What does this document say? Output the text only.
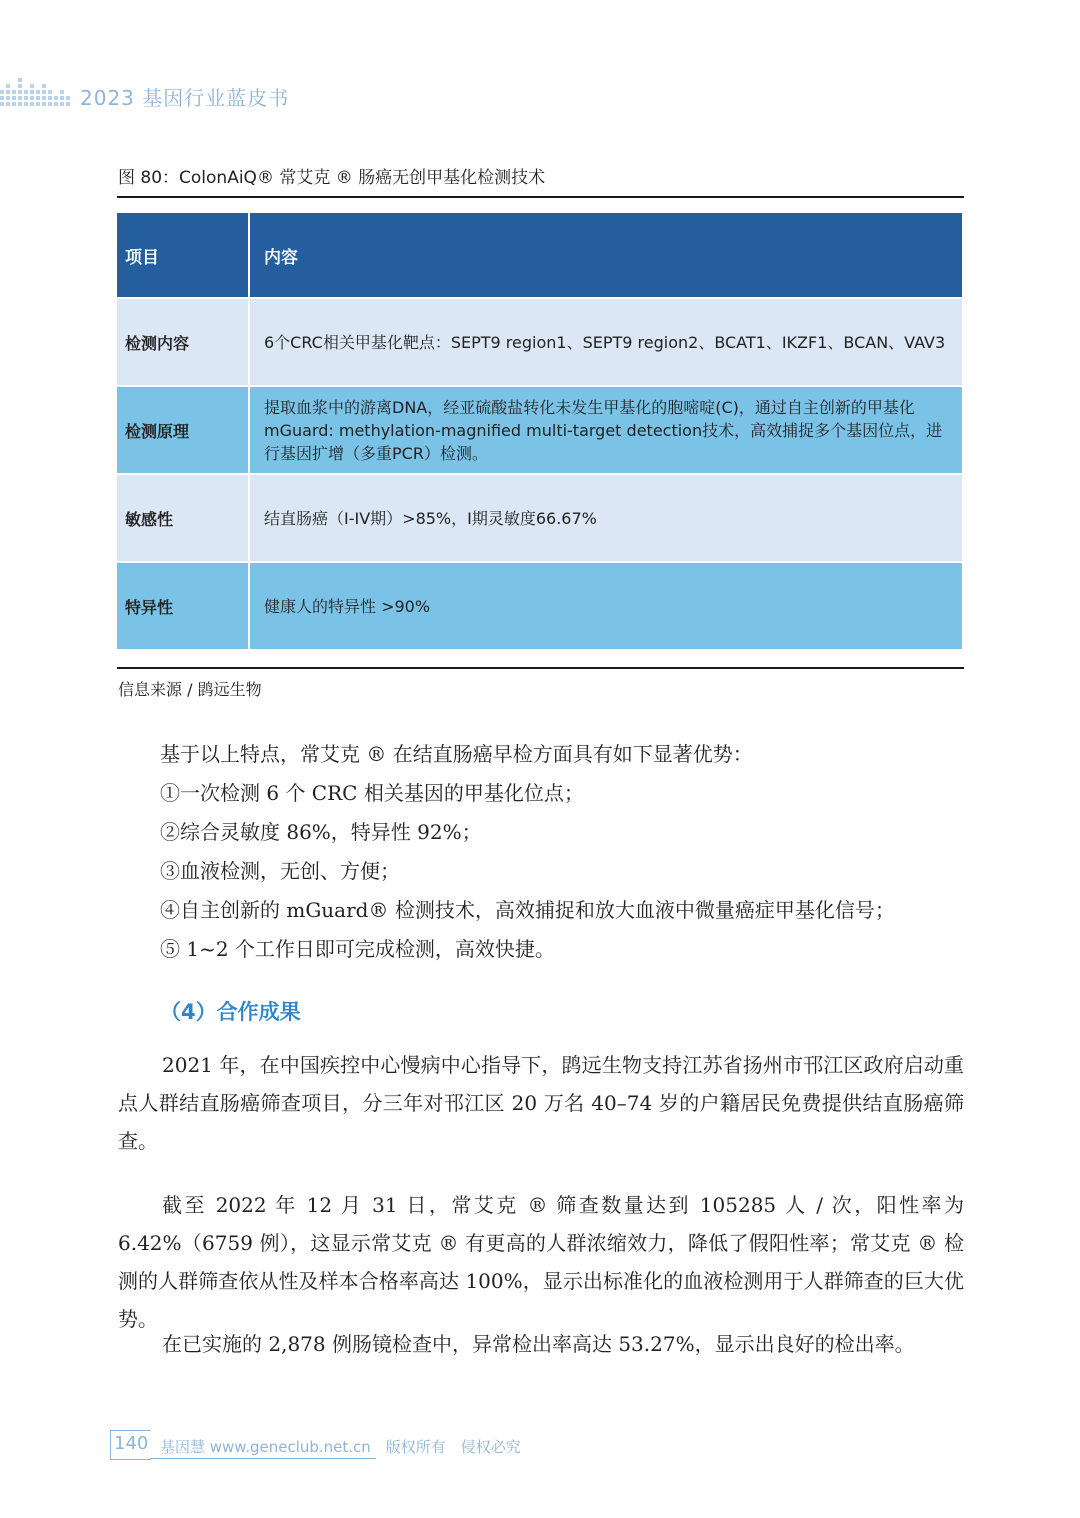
2023 基因行业蓝皮书
图 80：ColonAiQ® 常艾克 ® 肠癌无创甲基化检测技术
项目	内容
检测内容	6个CRC相关甲基化靶点：SEPT9 region1、SEPT9 region2、BCAT1、IKZF1、BCAN、VAV3
检测原理	提取血浆中的游离DNA，经亚硫酸盐转化未发生甲基化的胞嘧啶(C)，通过自主创新的甲基化mGuard: methylation-magnified multi-target detection技术，高效捕捉多个基因位点，进行基因扩增（多重PCR）检测。
敏感性	结直肠癌（I-IV期）>85%，I期灵敏度66.67%
特异性	健康人的特异性 >90%
信息来源 / 鹍远生物
基于以上特点，常艾克 ® 在结直肠癌早检方面具有如下显著优势：
①一次检测 6 个 CRC 相关基因的甲基化位点；
②综合灵敏度 86%，特异性 92%；
③血液检测，无创、方便；
④自主创新的 mGuard® 检测技术，高效捕捉和放大血液中微量癌症甲基化信号；
⑤ 1~2 个工作日即可完成检测，高效快捷。
（4）合作成果

2021 年，在中国疾控中心慢病中心指导下，鹍远生物支持江苏省扬州市邗江区政府启动重点人群结直肠癌筛查项目，分三年对邗江区 20 万名 40–74 岁的户籍居民免费提供结直肠癌筛查。

截至 2022 年 12 月 31 日，常艾克 ® 筛查数量达到 105285 人 / 次，阳性率为 6.42%（6759 例），这显示常艾克 ® 有更高的人群浓缩效力，降低了假阳性率；常艾克 ® 检测的人群筛查依从性及样本合格率高达 100%，显示出标准化的血液检测用于人群筛查的巨大优势。

在已实施的 2,878 例肠镜检查中，异常检出率高达 53.27%，显示出良好的检出率。

140 基因慧 www.geneclub.net.cn　版权所有　侵权必究
